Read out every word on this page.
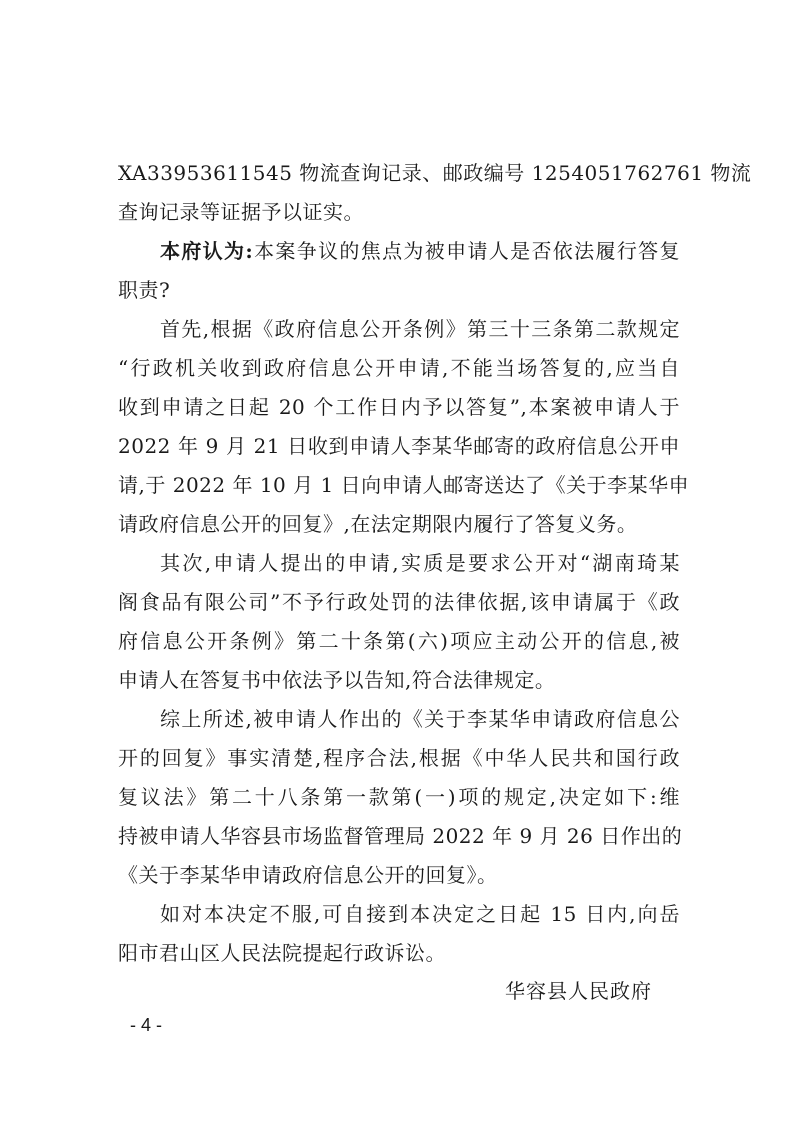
XA33953611545 物流查询记录、邮政编号 1254051762761 物流
查询记录等证据予以证实。
本府认为:本案争议的焦点为被申请人是否依法履行答复
职责?
首先,根据《政府信息公开条例》第三十三条第二款规定
“行政机关收到政府信息公开申请,不能当场答复的,应当自
收到申请之日起 20 个工作日内予以答复”,本案被申请人于
2022 年 9 月 21 日收到申请人李某华邮寄的政府信息公开申
请,于 2022 年 10 月 1 日向申请人邮寄送达了《关于李某华申
请政府信息公开的回复》,在法定期限内履行了答复义务。
其次,申请人提出的申请,实质是要求公开对“湖南琦某
阁食品有限公司”不予行政处罚的法律依据,该申请属于《政
府信息公开条例》第二十条第(六)项应主动公开的信息,被
申请人在答复书中依法予以告知,符合法律规定。
综上所述,被申请人作出的《关于李某华申请政府信息公
开的回复》事实清楚,程序合法,根据《中华人民共和国行政
复议法》第二十八条第一款第(一)项的规定,决定如下:维
持被申请人华容县市场监督管理局 2022 年 9 月 26 日作出的
《关于李某华申请政府信息公开的回复》。
如对本决定不服,可自接到本决定之日起 15 日内,向岳
阳市君山区人民法院提起行政诉讼。
华容县人民政府
- 4 -
